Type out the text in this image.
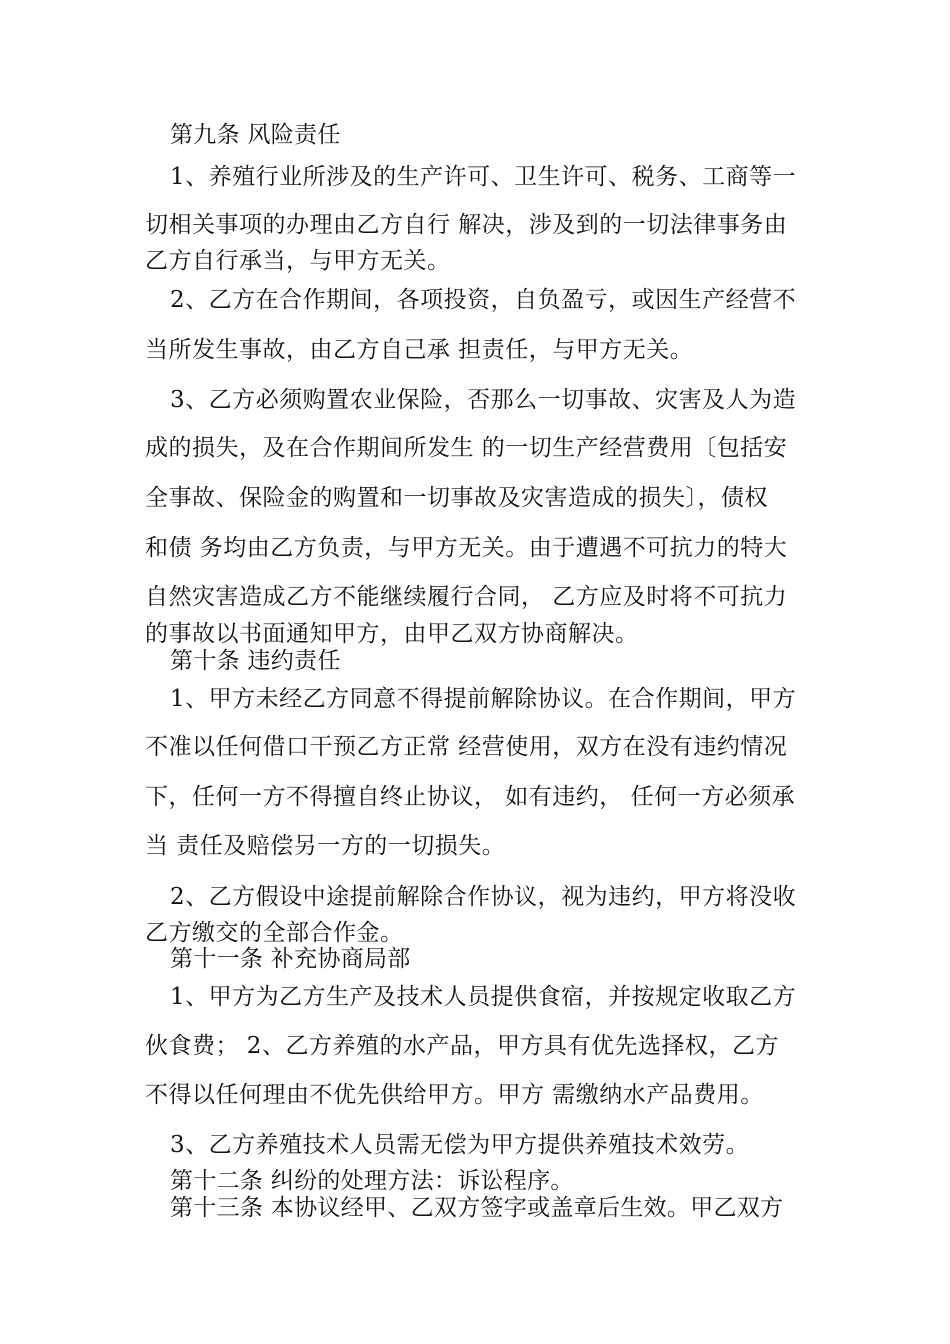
第九条 风险责任
1、养殖行业所涉及的生产许可、卫生许可、税务、工商等一
切相关事项的办理由乙方自行 解决，涉及到的一切法律事务由
乙方自行承当，与甲方无关。
2、乙方在合作期间，各项投资，自负盈亏，或因生产经营不
当所发生事故，由乙方自己承 担责任，与甲方无关。
3、乙方必须购置农业保险，否那么一切事故、灾害及人为造
成的损失，及在合作期间所发生 的一切生产经营费用〔包括安
全事故、保险金的购置和一切事故及灾害造成的损失〕，债权
和债 务均由乙方负责，与甲方无关。由于遭遇不可抗力的特大
自然灾害造成乙方不能继续履行合同， 乙方应及时将不可抗力
的事故以书面通知甲方，由甲乙双方协商解决。
第十条 违约责任
1、甲方未经乙方同意不得提前解除协议。在合作期间，甲方
不准以任何借口干预乙方正常 经营使用，双方在没有违约情况
下，任何一方不得擅自终止协议， 如有违约， 任何一方必须承
当 责任及赔偿另一方的一切损失。
2、乙方假设中途提前解除合作协议，视为违约，甲方将没收
乙方缴交的全部合作金。
第十一条 补充协商局部
1、甲方为乙方生产及技术人员提供食宿，并按规定收取乙方
伙食费； 2、乙方养殖的水产品，甲方具有优先选择权，乙方
不得以任何理由不优先供给甲方。甲方 需缴纳水产品费用。
3、乙方养殖技术人员需无偿为甲方提供养殖技术效劳。
第十二条 纠纷的处理方法：诉讼程序。
第十三条 本协议经甲、乙双方签字或盖章后生效。甲乙双方
